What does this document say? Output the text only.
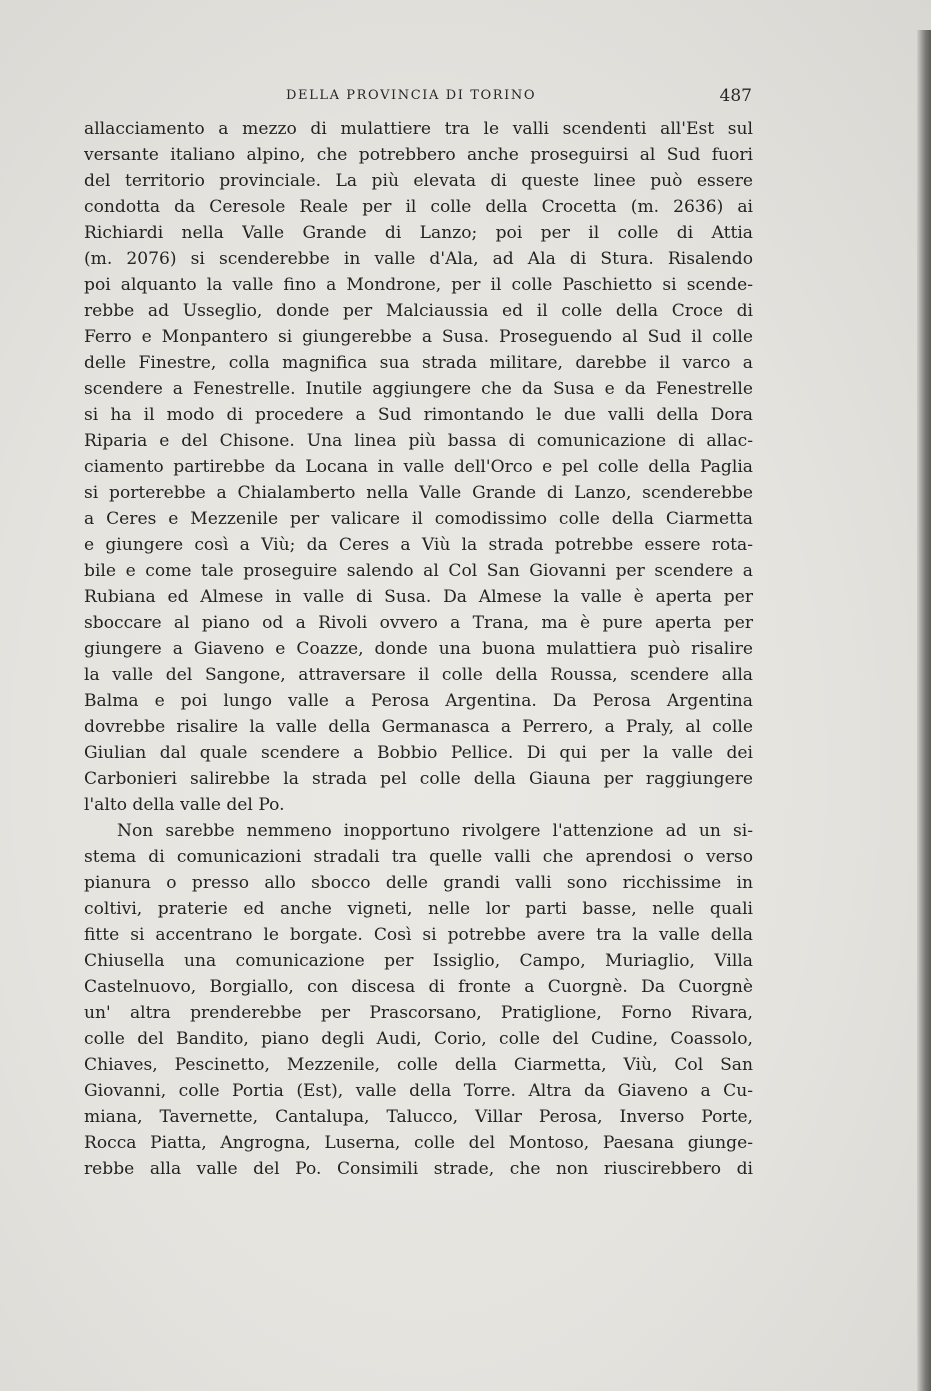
DELLA PROVINCIA DI TORINO	487
allacciamento a mezzo di mulattiere tra le valli scendenti all'Est sul
versante italiano alpino, che potrebbero anche proseguirsi al Sud fuori
del territorio provinciale. La più elevata di queste linee può essere
condotta da Ceresole Reale per il colle della Crocetta (m. 2636) ai
Richiardi nella Valle Grande di Lanzo; poi per il colle di Attia
(m. 2076) si scenderebbe in valle d'Ala, ad Ala di Stura. Risalendo
poi alquanto la valle fino a Mondrone, per il colle Paschietto si scende-
rebbe ad Usseglio, donde per Malciaussia ed il colle della Croce di
Ferro e Monpantero si giungerebbe a Susa. Proseguendo al Sud il colle
delle Finestre, colla magnifica sua strada militare, darebbe il varco a
scendere a Fenestrelle. Inutile aggiungere che da Susa e da Fenestrelle
si ha il modo di procedere a Sud rimontando le due valli della Dora
Riparia e del Chisone. Una linea più bassa di comunicazione di allac-
ciamento partirebbe da Locana in valle dell'Orco e pel colle della Paglia
si porterebbe a Chialamberto nella Valle Grande di Lanzo, scenderebbe
a Ceres e Mezzenile per valicare il comodissimo colle della Ciarmetta
e giungere così a Viù; da Ceres a Viù la strada potrebbe essere rota-
bile e come tale proseguire salendo al Col San Giovanni per scendere a
Rubiana ed Almese in valle di Susa. Da Almese la valle è aperta per
sboccare al piano od a Rivoli ovvero a Trana, ma è pure aperta per
giungere a Giaveno e Coazze, donde una buona mulattiera può risalire
la valle del Sangone, attraversare il colle della Roussa, scendere alla
Balma e poi lungo valle a Perosa Argentina. Da Perosa Argentina
dovrebbe risalire la valle della Germanasca a Perrero, a Praly, al colle
Giulian dal quale scendere a Bobbio Pellice. Di qui per la valle dei
Carbonieri salirebbe la strada pel colle della Giauna per raggiungere
l'alto della valle del Po.
Non sarebbe nemmeno inopportuno rivolgere l'attenzione ad un si-
stema di comunicazioni stradali tra quelle valli che aprendosi o verso
pianura o presso allo sbocco delle grandi valli sono ricchissime in
coltivi, praterie ed anche vigneti, nelle lor parti basse, nelle quali
fitte si accentrano le borgate. Così si potrebbe avere tra la valle della
Chiusella una comunicazione per Issiglio, Campo, Muriaglio, Villa
Castelnuovo, Borgiallo, con discesa di fronte a Cuorgnè. Da Cuorgnè
un' altra prenderebbe per Prascorsano, Pratiglione, Forno Rivara,
colle del Bandito, piano degli Audi, Corio, colle del Cudine, Coassolo,
Chiaves, Pescinetto, Mezzenile, colle della Ciarmetta, Viù, Col San
Giovanni, colle Portia (Est), valle della Torre. Altra da Giaveno a Cu-
miana, Tavernette, Cantalupa, Talucco, Villar Perosa, Inverso Porte,
Rocca Piatta, Angrogna, Luserna, colle del Montoso, Paesana giunge-
rebbe alla valle del Po. Consimili strade, che non riuscirebbero di
